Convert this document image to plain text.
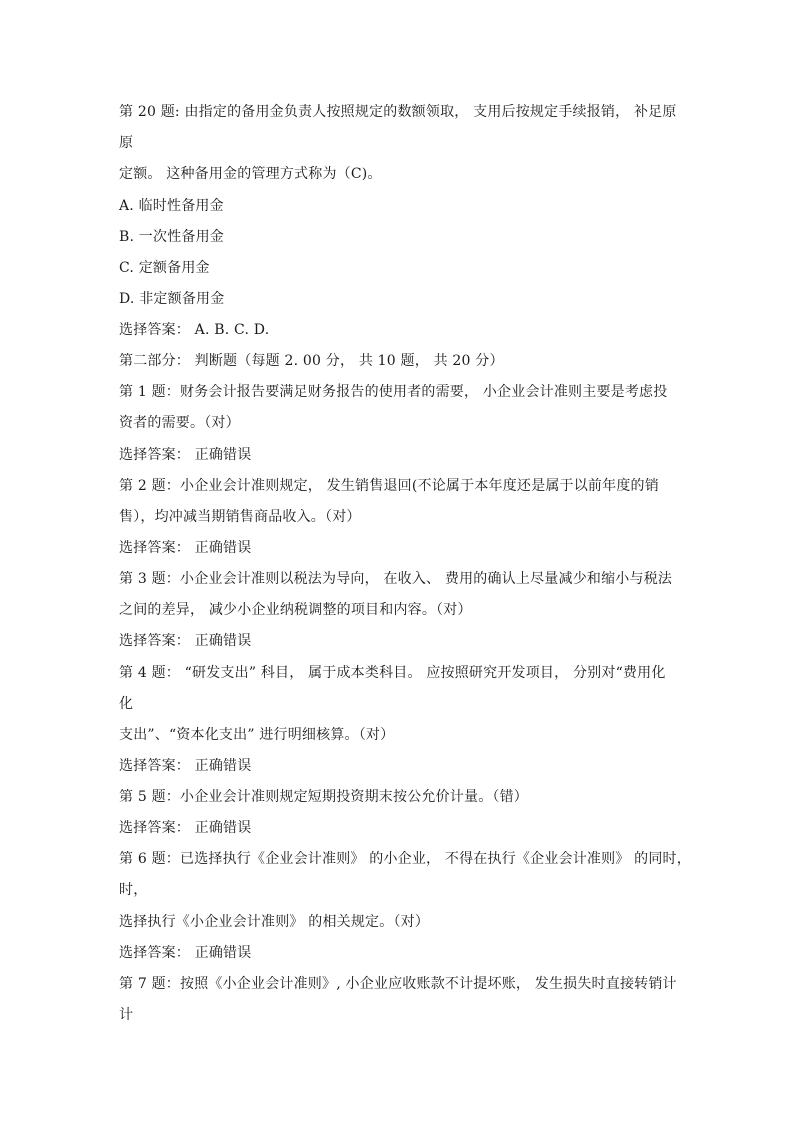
第 20 题: 由指定的备用金负责人按照规定的数额领取， 支用后按规定手续报销， 补足原
原
定额。 这种备用金的管理方式称为（C)。
A. 临时性备用金
B. 一次性备用金
C. 定额备用金
D. 非定额备用金
选择答案： A. B. C. D.
第二部分： 判断题（每题 2. 00 分， 共 10 题， 共 20 分）
第 1 题：财务会计报告要满足财务报告的使用者的需要， 小企业会计准则主要是考虑投
资者的需要。（对）
选择答案： 正确错误
第 2 题：小企业会计准则规定， 发生销售退回(不论属于本年度还是属于以前年度的销
售），均冲减当期销售商品收入。（对）
选择答案： 正确错误
第 3 题：小企业会计准则以税法为导向， 在收入、 费用的确认上尽量减少和缩小与税法
之间的差异， 减少小企业纳税调整的项目和内容。（对）
选择答案： 正确错误
第 4 题： “研发支出” 科目， 属于成本类科目。 应按照研究开发项目， 分别对“费用化
化
支出”、“资本化支出” 进行明细核算。（对）
选择答案： 正确错误
第 5 题：小企业会计准则规定短期投资期末按公允价计量。（错）
选择答案： 正确错误
第 6 题：已选择执行《企业会计准则》 的小企业， 不得在执行《企业会计准则》 的同时，
时，
选择执行《小企业会计准则》 的相关规定。（对）
选择答案： 正确错误
第 7 题：按照《小企业会计准则》, 小企业应收账款不计提坏账， 发生损失时直接转销计
计
